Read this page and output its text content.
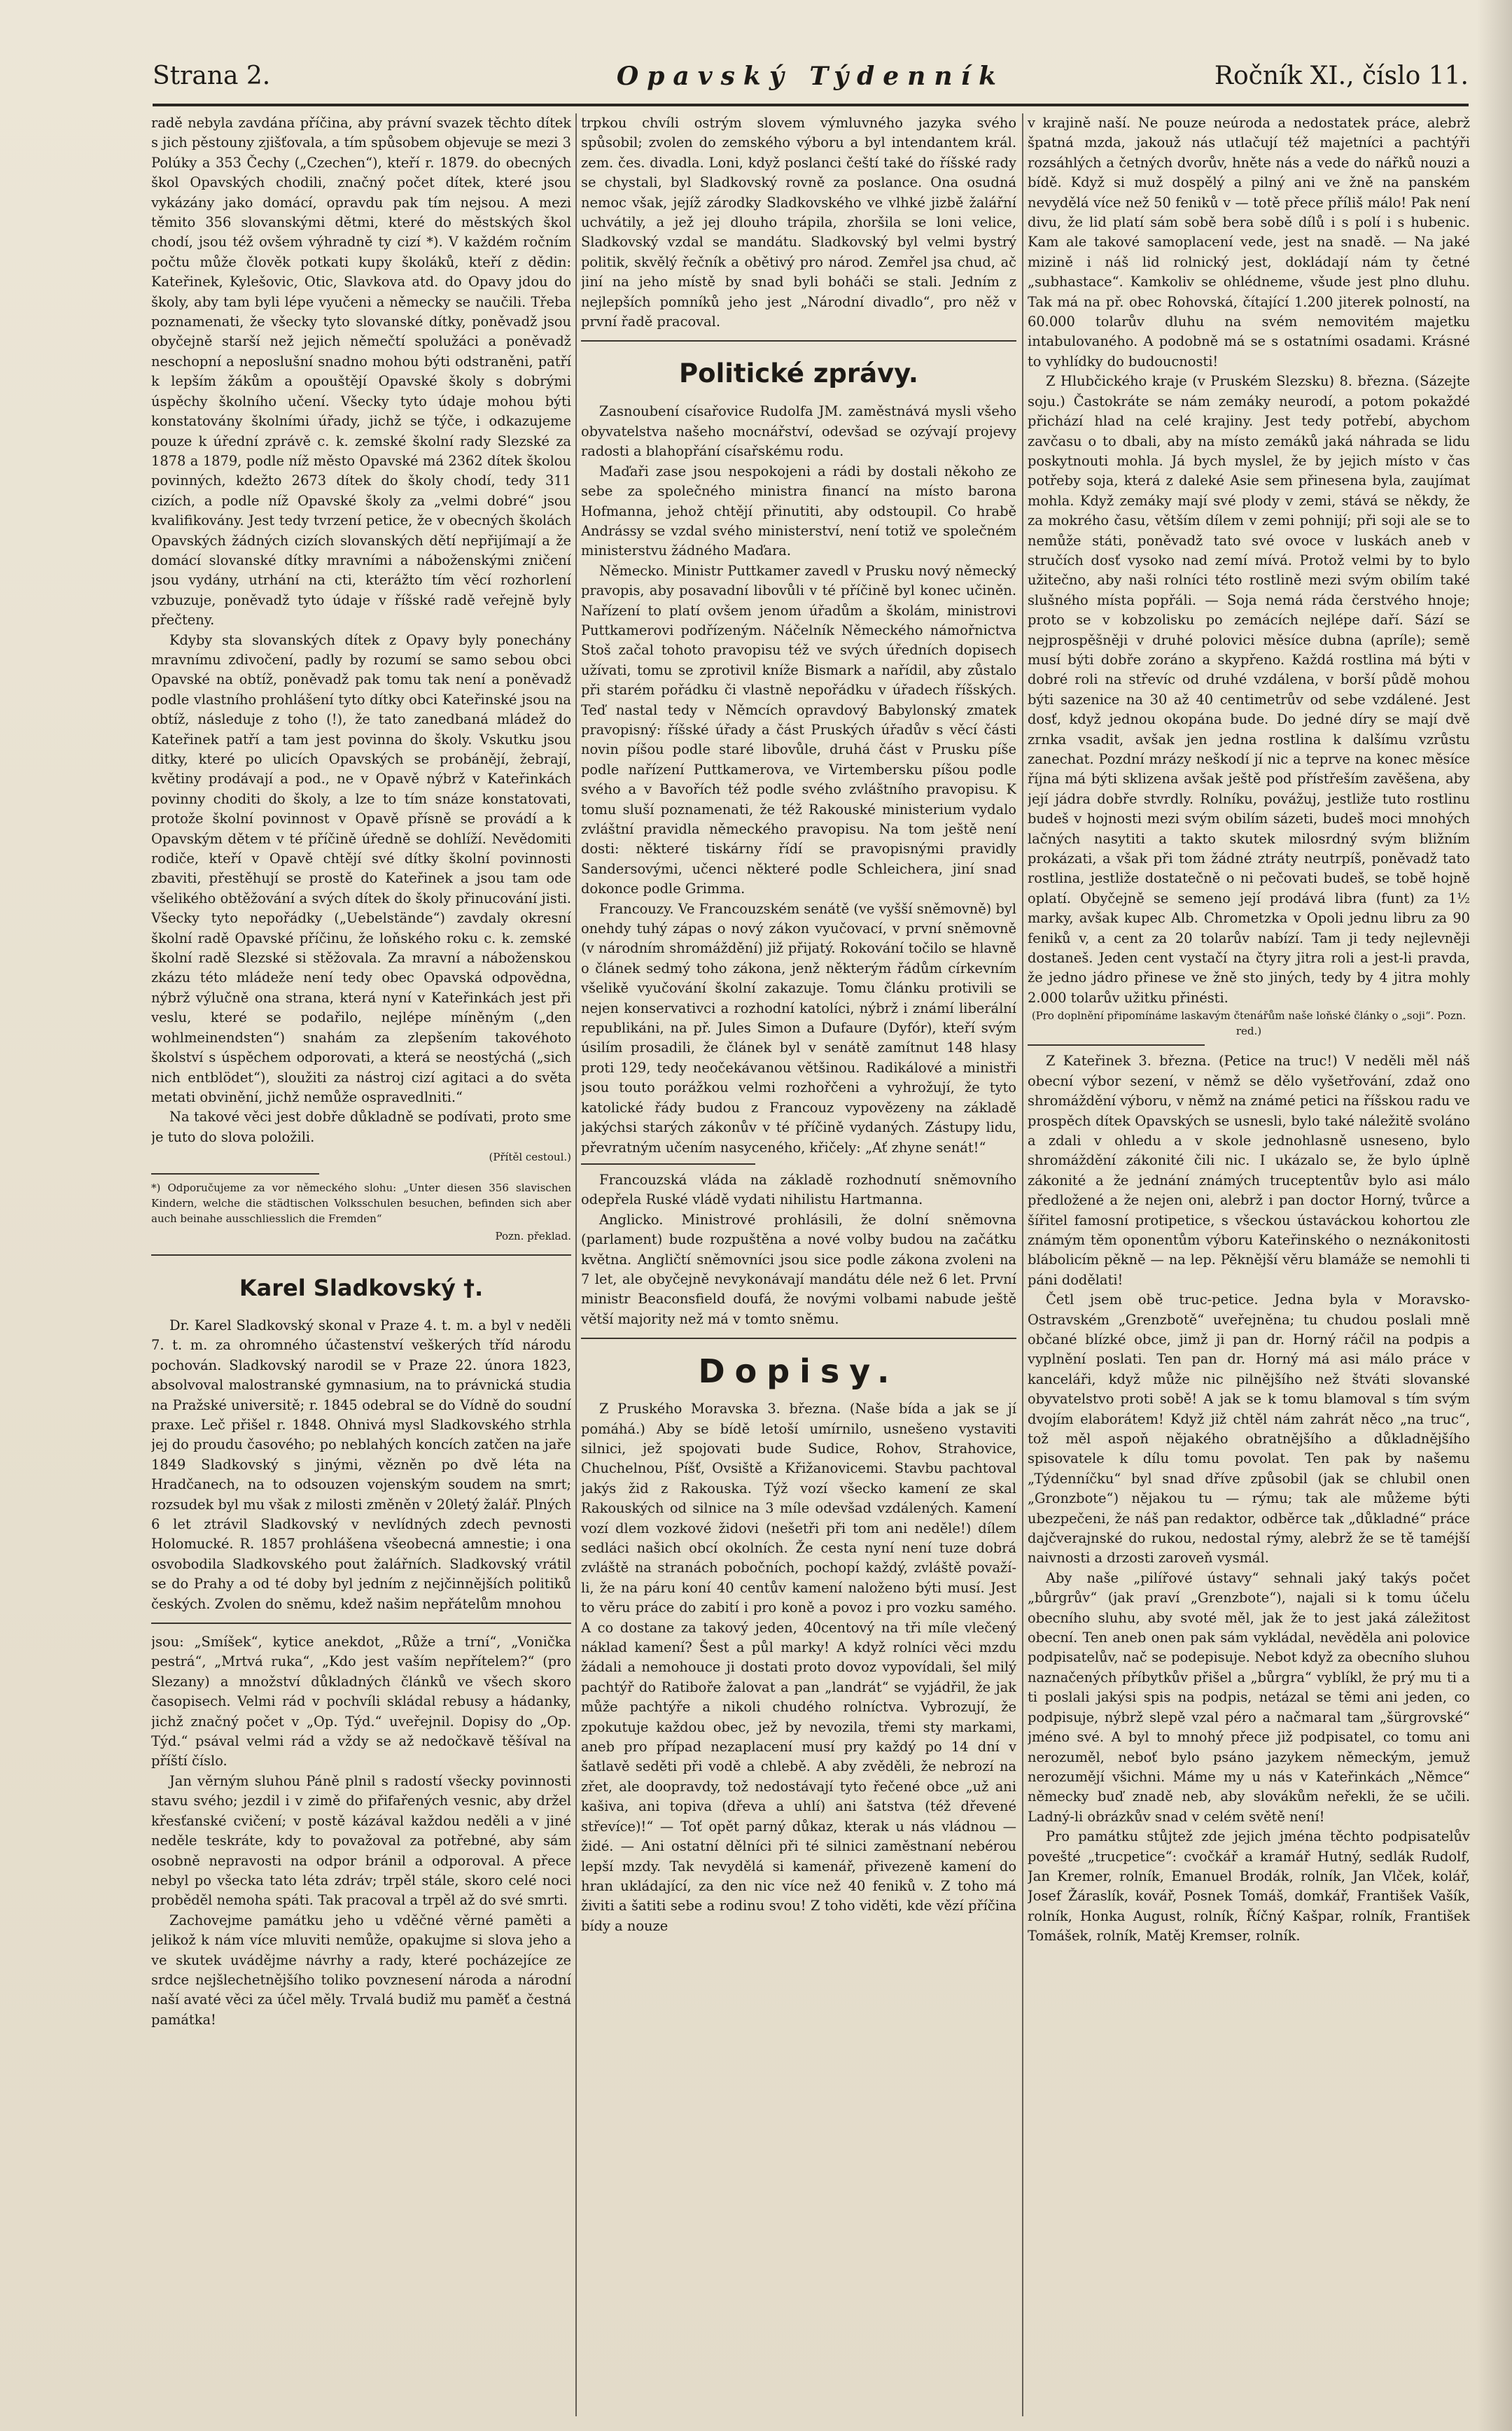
Strana 2.	Opavský Týdenník	Ročník XI., číslo 11.

radě nebyla zavdána příčina, aby právní svazek těchto dítek s jich pěstouny zjišťovala, a tím spůsobem objevuje se mezi 3 Polúky a 353 Čechy („Czechen“), kteří r. 1879. do obecných škol Opavských chodili, značný počet dítek, které jsou vykázány jako domácí, opravdu pak tím nejsou. A mezi těmito 356 slovanskými dětmi, které do městských škol chodí, jsou též ovšem výhradně ty cizí *). V každém ročním počtu může člověk potkati kupy školáků, kteří z dědin: Kateřinek, Kylešovic, Otic, Slavkova atd. do Opavy jdou do školy, aby tam byli lépe vyučeni a německy se naučili. Třeba poznamenati, že všecky tyto slovanské dítky, poněvadž jsou obyčejně starší než jejich němečtí spolužáci a poněvadž neschopní a neposlušní snadno mohou býti odstraněni, patří k lepším žákům a opouštějí Opavské školy s dobrými úspěchy školního učení. Všecky tyto údaje mohou býti konstatovány školními úřady, jichž se týče, i odkazujeme pouze k úřední zprávě c. k. zemské školní rady Slezské za 1878 a 1879, podle níž město Opavské má 2362 dítek školou povinných, kdežto 2673 dítek do školy chodí, tedy 311 cizích, a podle níž Opavské školy za „velmi dobré“ jsou kvalifikovány. Jest tedy tvrzení petice, že v obecných školách Opavských žádných cizích slovanských dětí nepřijímají a že domácí slovanské dítky mravními a náboženskými zničení jsou vydány, utrhání na cti, kterážto tím věcí rozhorlení vzbuzuje, poněvadž tyto údaje v říšské radě veřejně byly přečteny.

Kdyby sta slovanských dítek z Opavy byly ponechány mravnímu zdivočení, padly by rozumí se samo sebou obci Opavské na obtíž, poněvadž pak tomu tak není a poněvadž podle vlastního prohlášení tyto dítky obci Kateřinské jsou na obtíž, následuje z toho (!), že tato zanedbaná mládež do Kateřinek patří a tam jest povinna do školy. Vskutku jsou ditky, které po ulicích Opavských se probánějí, žebrají, květiny prodávají a pod., ne v Opavě nýbrž v Kateřinkách povinny choditi do školy, a lze to tím snáze konstatovati, protože školní povinnost v Opavě přísně se provádí a k Opavským dětem v té příčině úředně se dohlíží. Nevědomiti rodiče, kteří v Opavě chtějí své dítky školní povinnosti zbaviti, přestěhují se prostě do Kateřinek a jsou tam ode všelikého obtěžování a svých dítek do školy přinucování jisti. Všecky tyto nepořádky („Uebelstände“) zavdaly okresní školní radě Opavské příčinu, že loňského roku c. k. zemské školní radě Slezské si stěžovala. Za mravní a náboženskou zkázu této mládeže není tedy obec Opavská odpovědna, nýbrž výlučně ona strana, která nyní v Kateřinkách jest při veslu, které se podařilo, nejlépe míněným („den wohlmeinendsten“) snahám za zlepšením takovéhoto školství s úspěchem odporovati, a která se neostýchá („sich nich entblödet“), sloužiti za nástroj cizí agitaci a do světa metati obvinění, jichž nemůže ospravedlniti.“

Na takové věci jest dobře důkladně se podívati, proto sme je tuto do slova položili.

(Přítěl cestoul.)

*) Odporučujeme za vor německého slohu: „Unter diesen 356 slavischen Kindern, welche die städtischen Volksschulen besuchen, befinden sich aber auch beinahe ausschliesslich die Fremden“

Pozn. překlad.

Karel Sladkovský †.

Dr. Karel Sladkovský skonal v Praze 4. t. m. a byl v neděli 7. t. m. za ohromného účastenství veškerých tříd národu pochován. Sladkovský narodil se v Praze 22. února 1823, absolvoval malostranské gymnasium, na to právnická studia na Pražské universitě; r. 1845 odebral se do Vídně do soudní praxe. Leč přišel r. 1848. Ohnivá mysl Sladkovského strhla jej do proudu časového; po neblahých koncích zatčen na jaře 1849 Sladkovský s jinými, vězněn po dvě léta na Hradčanech, na to odsouzen vojenským soudem na smrt; rozsudek byl mu však z milosti změněn v 20letý žalář. Plných 6 let ztrávil Sladkovský v nevlídných zdech pevnosti Holomucké. R. 1857 prohlášena všeobecná amnestie; i ona osvobodila Sladkovského pout žalářních. Sladkovský vrátil se do Prahy a od té doby byl jedním z nejčinnějších politiků českých. Zvolen do sněmu, kdež našim nepřátelům mnohou

jsou: „Smíšek“, kytice anekdot, „Růže a trní“, „Vonička pestrá“, „Mrtvá ruka“, „Kdo jest vaším nepřítelem?“ (pro Slezany) a množství důkladných článků ve všech skoro časopisech. Velmi rád v pochvíli skládal rebusy a hádanky, jichž značný počet v „Op. Týd.“ uveřejnil. Dopisy do „Op. Týd.“ psával velmi rád a vždy se až nedočkavě těšíval na příští číslo.

Jan věrným sluhou Páně plnil s radostí všecky povinnosti stavu svého; jezdil i v zimě do přifařených vesnic, aby držel křesťanské cvičení; v postě kázával každou neděli a v jiné neděle teskráte, kdy to považoval za potřebné, aby sám osobně nepravosti na odpor bránil a odporoval. A přece nebyl po všecka tato léta zdráv; trpěl stále, skoro celé noci proběděl nemoha spáti. Tak pracoval a trpěl až do své smrti.

Zachovejme památku jeho u vděčné věrné paměti a jelikož k nám více mluviti nemůže, opakujme si slova jeho a ve skutek uvádějme návrhy a rady, které pocházejíce ze srdce nejšlechetnějšího toliko povznesení národa a národní naší avaté věci za účel měly. Trvalá budiž mu paměť a čestná památka!

trpkou chvíli ostrým slovem výmluvného jazyka svého spůsobil; zvolen do zemského výboru a byl intendantem král. zem. čes. divadla. Loni, když poslanci čeští také do říšské rady se chystali, byl Sladkovský rovně za poslance. Ona osudná nemoc však, jejíž zárodky Sladkovského ve vlhké jizbě žalářní uchvátily, a jež jej dlouho trápila, zhoršila se loni velice, Sladkovský vzdal se mandátu. Sladkovský byl velmi bystrý politik, skvělý řečník a obětivý pro národ. Zemřel jsa chud, ač jiní na jeho místě by snad byli boháči se stali. Jedním z nejlepších pomníků jeho jest „Národní divadlo“, pro něž v první řadě pracoval.

Politické zprávy.

Zasnoubení císařovice Rudolfa JM. zaměstnává mysli všeho obyvatelstva našeho mocnářství, odevšad se ozývají projevy radosti a blahopřání císařskému rodu.

Maďaři zase jsou nespokojeni a rádi by dostali někoho ze sebe za společného ministra financí na místo barona Hofmanna, jehož chtějí přinutiti, aby odstoupil. Co hrabě Andrássy se vzdal svého ministerství, není totiž ve společném ministerstvu žádného Maďara.

Německo. Ministr Puttkamer zavedl v Prusku nový německý pravopis, aby posavadní libovůli v té příčině byl konec učiněn. Nařízení to platí ovšem jenom úřadům a školám, ministrovi Puttkamerovi podřízeným. Náčelník Německého námořnictva Stoš začal tohoto pravopisu též ve svých úředních dopisech užívati, tomu se zprotivil kníže Bismark a nařídil, aby zůstalo při starém pořádku či vlastně nepořádku v úřadech říšských. Teď nastal tedy v Němcích opravdový Babylonský zmatek pravopisný: říšské úřady a část Pruských úřadův s věcí části novin píšou podle staré libovůle, druhá část v Prusku píše podle nařízení Puttkamerova, ve Virtembersku píšou podle svého a v Bavořích též podle svého zvláštního pravopisu. K tomu sluší poznamenati, že též Rakouské ministerium vydalo zvláštní pravidla německého pravopisu. Na tom ještě není dosti: některé tiskárny řídí se pravopisnými pravidly Sandersovými, učenci některé podle Schleichera, jiní snad dokonce podle Grimma.

Francouzy. Ve Francouzském senátě (ve vyšší sněmovně) byl onehdy tuhý zápas o nový zákon vyučovací, v první sněmovně (v národním shromáždění) již přijatý. Rokování točilo se hlavně o článek sedmý toho zákona, jenž některým řádům církevním všelikě vyučování školní zakazuje. Tomu článku protivili se nejen konservativci a rozhodní katolíci, nýbrž i známí liberální republikáni, na př. Jules Simon a Dufaure (Dyfór), kteří svým úsilím prosadili, že článek byl v senátě zamítnut 148 hlasy proti 129, tedy neočekávanou většinou. Radikálové a ministři jsou touto porážkou velmi rozhořčeni a vyhrožují, že tyto katolické řády budou z Francouz vypovězeny na základě jakýchsi starých zákonův v té příčině vydaných. Zástupy lidu, převratným učením nasyceného, křičely: „Ať zhyne senát!“

Francouzská vláda na základě rozhodnutí sněmovního odepřela Ruské vládě vydati nihilistu Hartmanna.

Anglicko. Ministrové prohlásili, že dolní sněmovna (parlament) bude rozpuštěna a nové volby budou na začátku května. Angličtí sněmovníci jsou sice podle zákona zvoleni na 7 let, ale obyčejně nevykonávají mandátu déle než 6 let. První ministr Beaconsfield doufá, že novými volbami nabude ještě větší majority než má v tomto sněmu.

Dopisy.

Z Pruského Moravska 3. března. (Naše bída a jak se jí pomáhá.) Aby se bídě letoší umírnilo, usnešeno vystaviti silnici, jež spojovati bude Sudice, Rohov, Strahovice, Chuchelnou, Píšť, Ovsiště a Křižanovicemi. Stavbu pachtoval jakýs žid z Rakouska. Týž vozí všecko kamení ze skal Rakouských od silnice na 3 míle odevšad vzdálených. Kamení vozí dlem vozkové židovi (nešetři při tom ani neděle!) dílem sedláci našich obcí okolních. Že cesta nyní není tuze dobrá zvláště na stranách pobočních, pochopí každý, zvláště považí-li, že na páru koní 40 centův kamení naloženo býti musí. Jest to věru práce do zabití i pro koně a povoz i pro vozku samého. A co dostane za takový jeden, 40centový na tři míle vlečený náklad kamení? Šest a půl marky! A když rolníci věci mzdu žádali a nemohouce ji dostati proto dovoz vypovídali, šel milý pachtýř do Ratiboře žalovat a pan „landrát“ se vyjádřil, že jak může pachtýře a nikoli chudého rolníctva. Vybrozují, že zpokutuje každou obec, jež by nevozila, třemi sty markami, aneb pro případ nezaplacení musí pry každý po 14 dní v šatlavě seděti při vodě a chlebě. A aby zvěděli, že nebrozí na zřet, ale doopravdy, tož nedostávají tyto řečené obce „už ani kašiva, ani topiva (dřeva a uhlí) ani šatstva (též dřevené střevíce)!“ — Toť opět parný důkaz, kterak u nás vládnou — židé. — Ani ostatní dělníci při té silnici zaměstnaní nebérou lepší mzdy. Tak nevydělá si kamenář, přivezeně kamení do hran ukládající, za den nic více než 40 feniků v. Z toho má živiti a šatiti sebe a rodinu svou! Z toho viděti, kde vězí příčina bídy a nouze

v krajině naší. Ne pouze neúroda a nedostatek práce, alebrž špatná mzda, jakouž nás utlačují též majetníci a pachtýři rozsáhlých a četných dvorův, hněte nás a vede do nářků nouzi a bídě. Když si muž dospělý a pilný ani ve žně na panském nevydělá více než 50 feniků v — totě přece příliš málo! Pak není divu, že lid platí sám sobě bera sobě dílů i s polí i s hubenic. Kam ale takové samoplacení vede, jest na snadě. — Na jaké mizině i náš lid rolnický jest, dokládají nám ty četné „subhastace“. Kamkoliv se ohlédneme, všude jest plno dluhu. Tak má na př. obec Rohovská, čítající 1.200 jiterek polností, na 60.000 tolarův dluhu na svém nemovitém majetku intabulovaného. A podobně má se s ostatními osadami. Krásné to vyhlídky do budoucnosti!

Z Hlubčického kraje (v Pruském Slezsku) 8. března. (Sázejte soju.) Častokráte se nám zemáky neurodí, a potom pokaždé přichází hlad na celé krajiny. Jest tedy potřebí, abychom zavčasu o to dbali, aby na místo zemáků jaká náhrada se lidu poskytnouti mohla. Já bych myslel, že by jejich místo v čas potřeby soja, která z daleké Asie sem přinesena byla, zaujímat mohla. Když zemáky mají své plody v zemi, stává se někdy, že za mokrého času, větším dílem v zemi pohnijí; při soji ale se to nemůže státi, poněvadž tato své ovoce v luskách aneb v stručích dosť vysoko nad zemí mívá. Protož velmi by to bylo užitečno, aby naši rolníci této rostlině mezi svým obilím také slušného místa popřáli. — Soja nemá ráda čerstvého hnoje; proto se v kobzolisku po zemácích nejlépe daří. Sází se nejprospěšněji v druhé polovici měsíce dubna (apríle); semě musí býti dobře zoráno a skypřeno. Každá rostlina má býti v dobré roli na střevíc od druhé vzdálena, v borší půdě mohou býti sazenice na 30 až 40 centimetrův od sebe vzdálené. Jest dosť, když jednou okopána bude. Do jedné díry se mají dvě zrnka vsadit, avšak jen jedna rostlina k dalšímu vzrůstu zanechat. Pozdní mrázy neškodí jí nic a teprve na konec měsíce října má býti sklizena avšak ještě pod přístřeším zavěšena, aby její jádra dobře stvrdly. Rolníku, povážuj, jestliže tuto rostlinu budeš v hojnosti mezi svým obilím sázeti, budeš moci mnohých lačných nasytiti a takto skutek milosrdný svým bližním prokázati, a však při tom žádné ztráty neutrpíš, poněvadž tato rostlina, jestliže dostatečně o ni pečovati budeš, se tobě hojně oplatí. Obyčejně se semeno její prodává libra (funt) za 1½ marky, avšak kupec Alb. Chrometzka v Opoli jednu libru za 90 feniků v, a cent za 20 tolarův nabízí. Tam ji tedy nejlevněji dostaneš. Jeden cent vystačí na čtyry jitra roli a jest-li pravda, že jedno jádro přinese ve žně sto jiných, tedy by 4 jitra mohly 2.000 tolarův užitku přinésti.

(Pro doplnění připomínáme laskavým čtenářům naše loňské články o „soji“. Pozn. red.)

Z Kateřinek 3. března. (Petice na truc!) V neděli měl náš obecní výbor sezení, v němž se dělo vyšetřování, zdaž ono shromáždění výboru, v němž na známé petici na říšskou radu ve prospěch dítek Opavských se usnesli, bylo také náležitě svoláno a zdali v ohledu a v skole jednohlasně usneseno, bylo shromáždění zákonité čili nic. I ukázalo se, že bylo úplně zákonité a že jednání známých truceptentův bylo asi málo předložené a že nejen oni, alebrž i pan doctor Horný, tvůrce a šířitel famosní protipetice, s všeckou ústaváckou kohortou zle známým těm oponentům výboru Kateřinského o neznákonitosti blábolicím pěkně — na lep. Pěknější věru blamáže se nemohli ti páni dodělati!

Četl jsem obě truc-petice. Jedna byla v Moravsko-Ostravském „Grenzbotě“ uveřejněna; tu chudou poslali mně občané blízké obce, jimž ji pan dr. Horný ráčil na podpis a vyplnění poslati. Ten pan dr. Horný má asi málo práce v kanceláři, když může nic pilnějšího než štváti slovanské obyvatelstvo proti sobě! A jak se k tomu blamoval s tím svým dvojím elaborátem! Když již chtěl nám zahrát něco „na truc“, tož měl aspoň nějakého obratnějšího a důkladnějšího spisovatele k dílu tomu povolat. Ten pak by našemu „Týdenníčku“ byl snad dříve způsobil (jak se chlubil onen „Gronzbote“) nějakou tu — rýmu; tak ale můžeme býti ubezpečeni, že náš pan redaktor, odběrce tak „důkladné“ práce dajčverajnské do rukou, nedostal rýmy, alebrž že se tě taméjší naivnosti a drzosti zaroveň vysmál.

Aby naše „pilířové ústavy“ sehnali jaký takýs počet „bůrgrův“ (jak praví „Grenzbote“), najali si k tomu účelu obecního sluhu, aby svoté měl, jak že to jest jaká záležitost obecní. Ten aneb onen pak sám vykládal, nevěděla ani polovice podpisatelův, nač se podepisuje. Nebot když za obecního sluhou naznačených příbytkův přišel a „bůrgra“ vyblíkl, že prý mu ti a ti poslali jakýsi spis na podpis, netázal se těmi ani jeden, co podpisuje, nýbrž slepě vzal péro a načmaral tam „šürgrovské“ jméno své. A byl to mnohý přece již podpisatel, co tomu ani nerozuměl, neboť bylo psáno jazykem německým, jemuž nerozumějí všichni. Máme my u nás v Kateřinkách „Němce“ německy buď znadě neb, aby slovákům neřekli, že se učili. Ladný-li obrázkův snad v celém světě není!

Pro památku stůjtež zde jejich jména těchto podpisatelův povešté „trucpetice“: cvočkář a kramář Hutný, sedlák Rudolf, Jan Kremer, rolník, Emanuel Brodák, rolník, Jan Vlček, kolář, Josef Žáraslík, kovář, Posnek Tomáš, domkář, František Vašík, rolník, Honka August, rolník, Říčný Kašpar, rolník, František Tomášek, rolník, Matěj Kremser, rolník.
